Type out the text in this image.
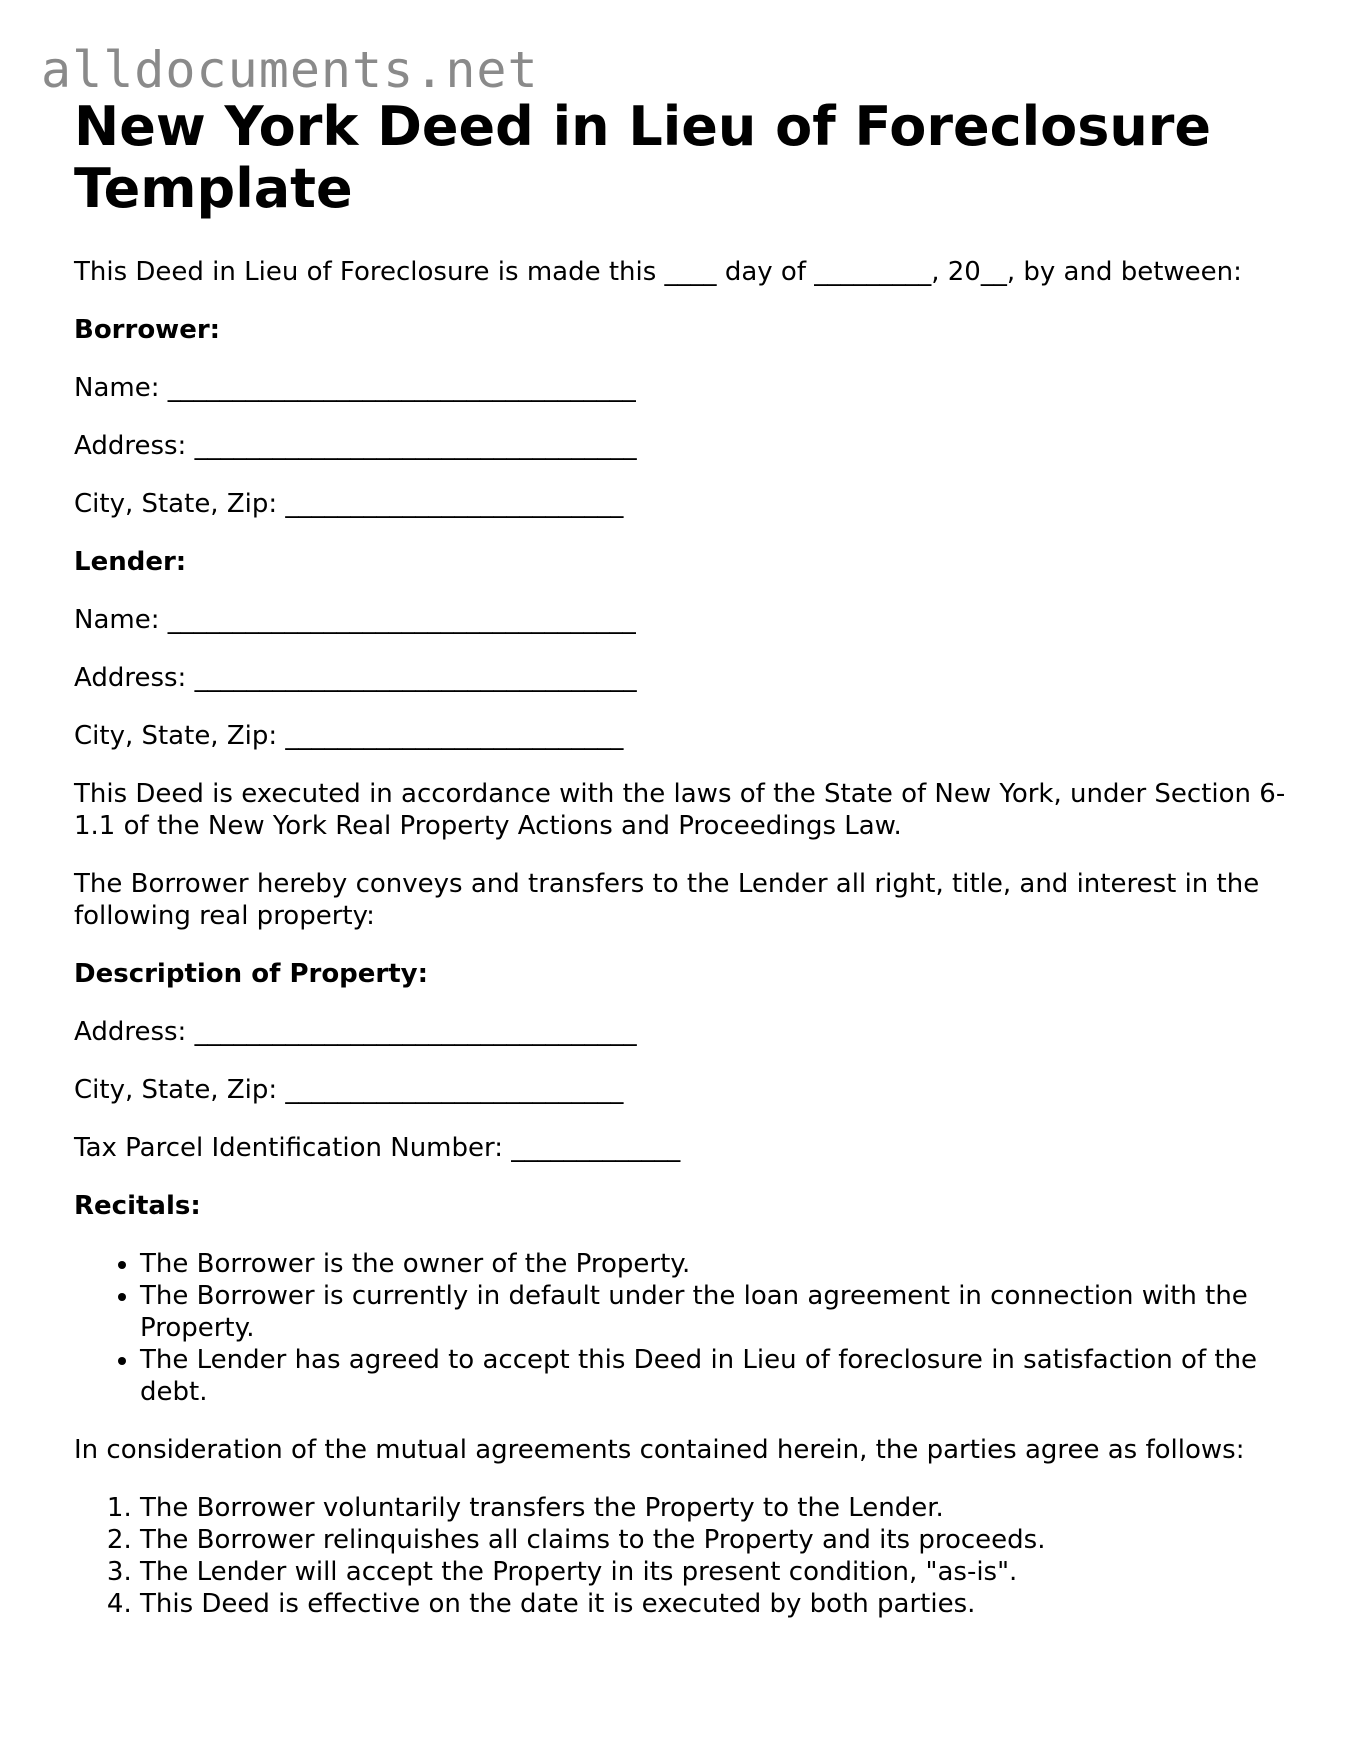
alldocuments.net
New York Deed in Lieu of Foreclosure Template

This Deed in Lieu of Foreclosure is made this ____ day of _________, 20__, by and between:

Borrower:

Name: ____________________________________

Address: __________________________________

City, State, Zip: __________________________

Lender:

Name: ____________________________________

Address: __________________________________

City, State, Zip: __________________________

This Deed is executed in accordance with the laws of the State of New York, under Section 6-1.1 of the New York Real Property Actions and Proceedings Law.

The Borrower hereby conveys and transfers to the Lender all right, title, and interest in the following real property:

Description of Property:

Address: __________________________________

City, State, Zip: __________________________

Tax Parcel Identification Number: _____________

Recitals:

• The Borrower is the owner of the Property.
• The Borrower is currently in default under the loan agreement in connection with the Property.
• The Lender has agreed to accept this Deed in Lieu of foreclosure in satisfaction of the debt.

In consideration of the mutual agreements contained herein, the parties agree as follows:

1. The Borrower voluntarily transfers the Property to the Lender.
2. The Borrower relinquishes all claims to the Property and its proceeds.
3. The Lender will accept the Property in its present condition, "as-is".
4. This Deed is effective on the date it is executed by both parties.
